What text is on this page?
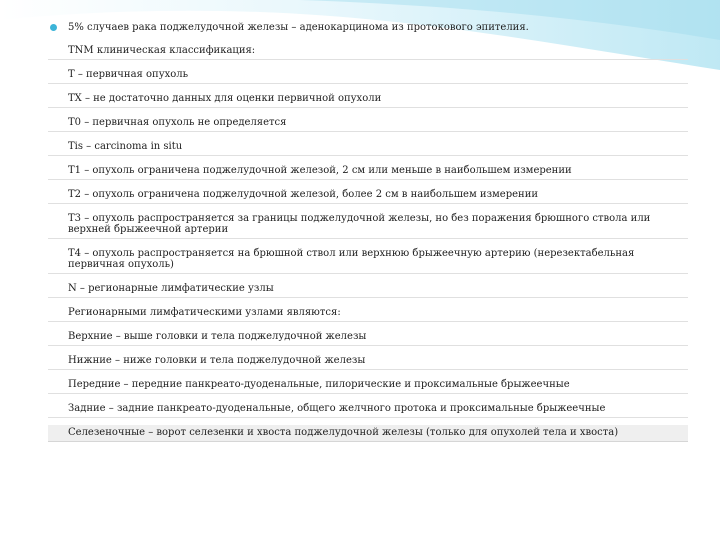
5% случаев рака поджелудочной железы – аденокарцинома из протокового эпителия.
TNM клиническая классификация:
T – первичная опухоль
TX – не достаточно данных для оценки первичной опухоли
T0 – первичная опухоль не определяется
Tis – carcinoma in situ
T1 – опухоль ограничена поджелудочной железой, 2 см или меньше в наибольшем измерении
T2 – опухоль ограничена поджелудочной железой, более 2 см в наибольшем измерении
T3 – опухоль распространяется за границы поджелудочной железы, но без поражения брюшного ствола или верхней брыжеечной артерии
T4 – опухоль распространяется на брюшной ствол или верхнюю брыжеечную артерию (нерезектабельная первичная опухоль)
N – регионарные лимфатические узлы
Регионарными лимфатическими узлами являются:
Верхние – выше головки и тела поджелудочной железы
Нижние – ниже головки и тела поджелудочной железы
Передние – передние панкреато-дуоденальные, пилорические и проксимальные брыжеечные
Задние – задние панкреато-дуоденальные, общего желчного протока и проксимальные брыжеечные
Селезеночные – ворот селезенки и хвоста поджелудочной железы (только для опухолей тела и хвоста)
